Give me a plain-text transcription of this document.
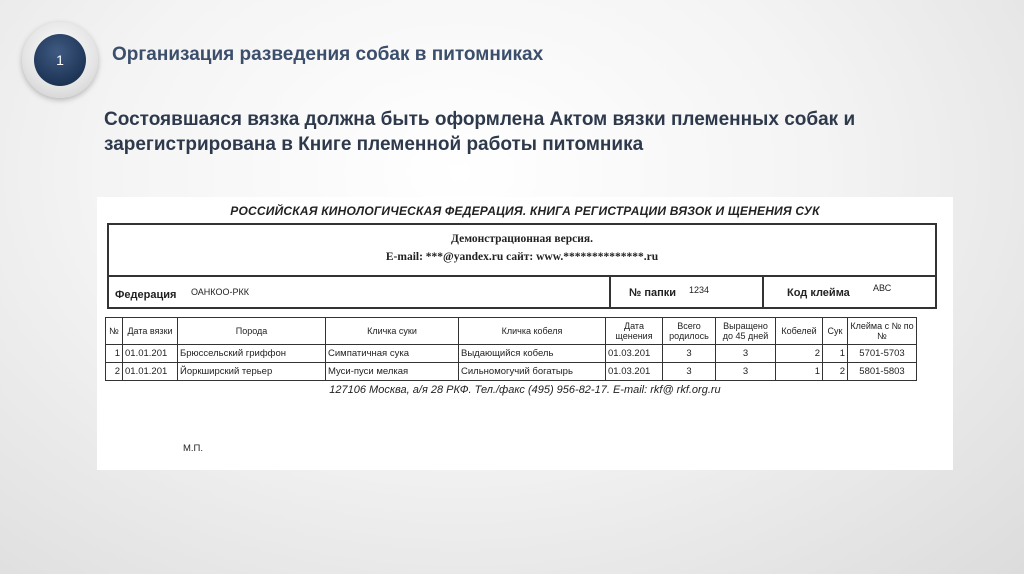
1	Организация разведения собак в питомниках
Состоявшаяся вязка должна быть оформлена Актом вязки племенных собак и зарегистрирована в Книге племенной работы питомника
РОССИЙСКАЯ КИНОЛОГИЧЕСКАЯ ФЕДЕРАЦИЯ. КНИГА РЕГИСТРАЦИИ ВЯЗОК И ЩЕНЕНИЯ СУК
Демонстрационная версия.
E-mail: ***@yandex.ru сайт: www.**************.ru
Федерация ОАНКОО-РКК	№ папки 1234	Код клейма	АВС
№	Дата вязки	Порода	Кличка суки	Кличка кобеля	Дата щенения	Всего родилось	Выращено до 45 дней	Кобелей	Сук	Клейма с № по №
1	01.01.201	Брюссельский гриффон	Симпатичная сука	Выдающийся кобель	01.03.201	3	3	2	1	5701-5703
2	01.01.201	Йоркширский терьер	Муси-пуси мелкая	Сильномогучий богатырь	01.03.201	3	3	1	2	5801-5803
127106 Москва, а/я 28 РКФ. Тел./факс (495) 956-82-17. E-mail: rkf@ rkf.org.ru
М.П.
